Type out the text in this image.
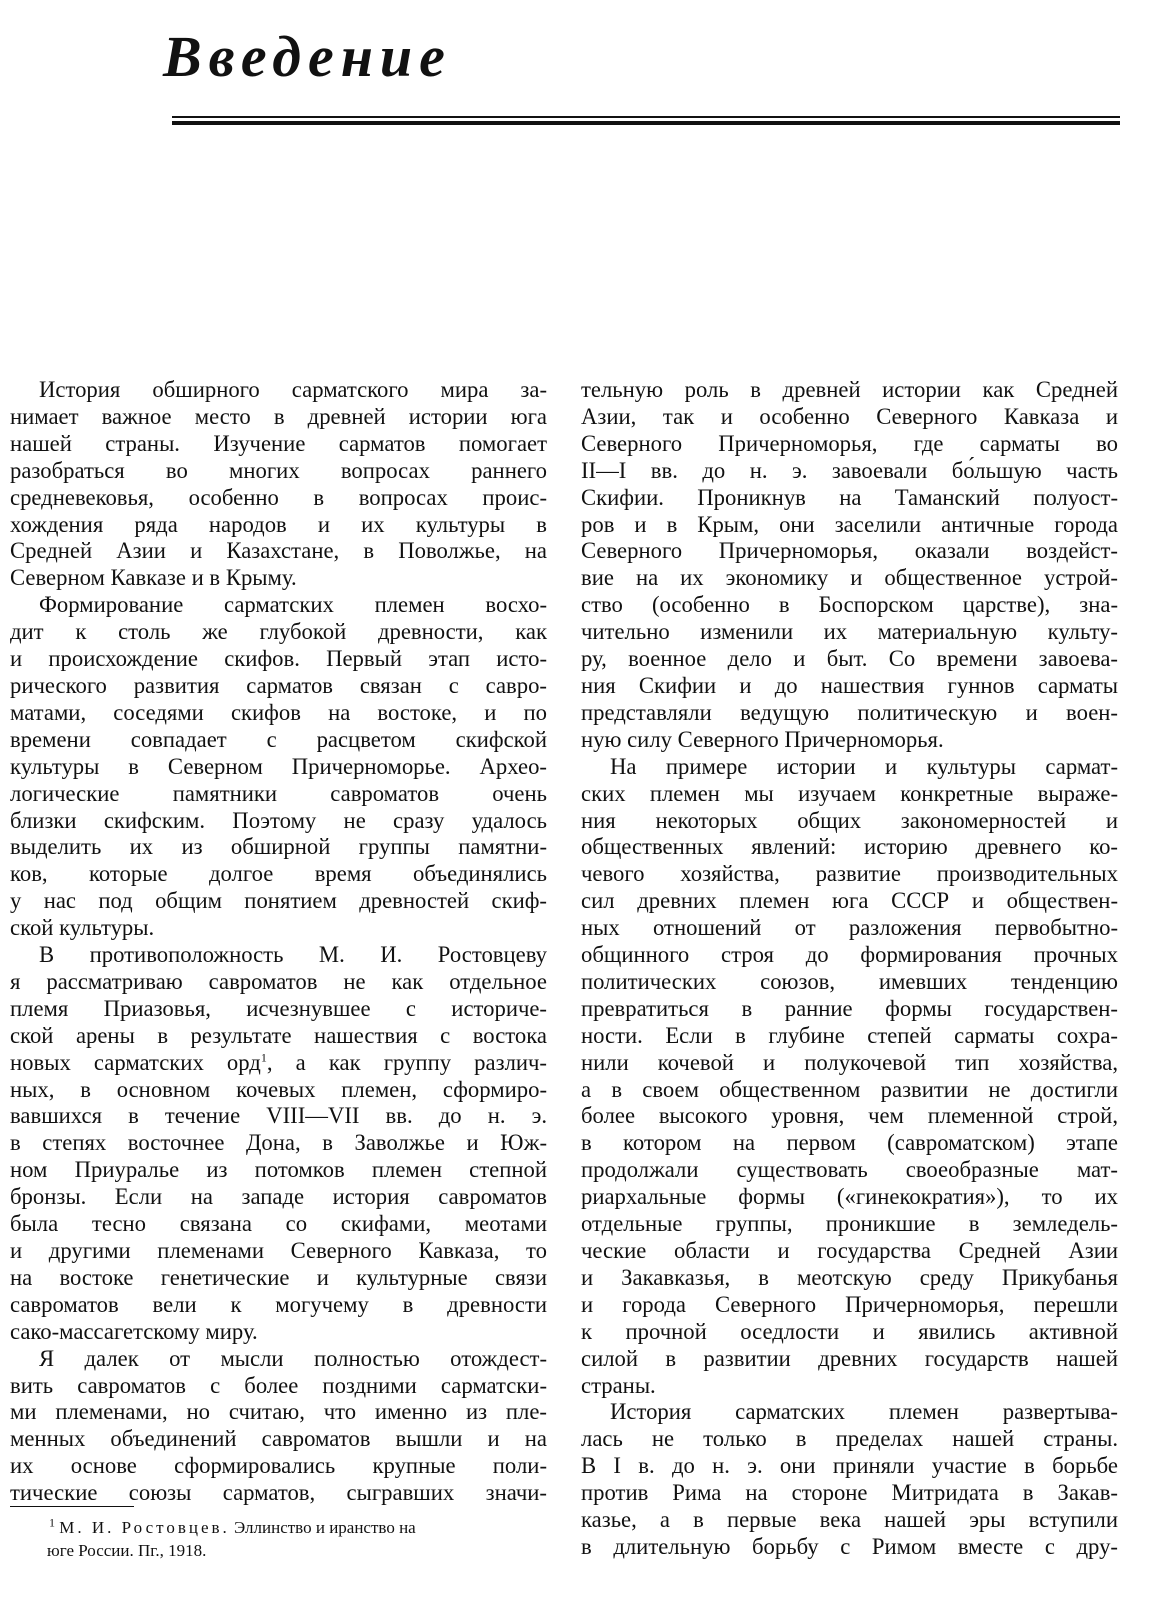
Введение
История обширного сарматского мира за-
нимает важное место в древней истории юга
нашей страны. Изучение сарматов помогает
разобраться во многих вопросах раннего
средневековья, особенно в вопросах проис-
хождения ряда народов и их культуры в
Средней Азии и Казахстане, в Поволжье, на
Северном Кавказе и в Крыму.
Формирование сарматских племен восхо-
дит к столь же глубокой древности, как
и происхождение скифов. Первый этап исто-
рического развития сарматов связан с савро-
матами, соседями скифов на востоке, и по
времени совпадает с расцветом скифской
культуры в Северном Причерноморье. Архео-
логические памятники савроматов очень
близки скифским. Поэтому не сразу удалось
выделить их из обширной группы памятни-
ков, которые долгое время объединялись
у нас под общим понятием древностей скиф-
ской культуры.
В противоположность М. И. Ростовцеву
я рассматриваю савроматов не как отдельное
племя Приазовья, исчезнувшее с историче-
ской арены в результате нашествия с востока
новых сарматских орд$^1$, а как группу различ-
ных, в основном кочевых племен, сформиро-
вавшихся в течение VIII—VII вв. до н. э.
в степях восточнее Дона, в Заволжье и Юж-
ном Приуралье из потомков племен степной
бронзы. Если на западе история савроматов
была тесно связана со скифами, меотами
и другими племенами Северного Кавказа, то
на востоке генетические и культурные связи
савроматов вели к могучему в древности
сако-массагетскому миру.
Я далек от мысли полностью отождест-
вить савроматов с более поздними сарматски-
ми племенами, но считаю, что именно из пле-
менных объединений савроматов вышли и на
их основе сформировались крупные поли-
тические союзы сарматов, сыгравших значи-
тельную роль в древней истории как Средней
Азии, так и особенно Северного Кавказа и
Северного Причерноморья, где сарматы во
II—I вв. до н. э. завоевали бо́льшую часть
Скифии. Проникнув на Таманский полуост-
ров и в Крым, они заселили античные города
Северного Причерноморья, оказали воздейст-
вие на их экономику и общественное устрой-
ство (особенно в Боспорском царстве), зна-
чительно изменили их материальную культу-
ру, военное дело и быт. Со времени завоева-
ния Скифии и до нашествия гуннов сарматы
представляли ведущую политическую и воен-
ную силу Северного Причерноморья.
На примере истории и культуры сармат-
ских племен мы изучаем конкретные выраже-
ния некоторых общих закономерностей и
общественных явлений: историю древнего ко-
чевого хозяйства, развитие производительных
сил древних племен юга СССР и обществен-
ных отношений от разложения первобытно-
общинного строя до формирования прочных
политических союзов, имевших тенденцию
превратиться в ранние формы государствен-
ности. Если в глубине степей сарматы сохра-
нили кочевой и полукочевой тип хозяйства,
а в своем общественном развитии не достигли
более высокого уровня, чем племенной строй,
в котором на первом (савроматском) этапе
продолжали существовать своеобразные мат-
риархальные формы («гинекократия»), то их
отдельные группы, проникшие в земледель-
ческие области и государства Средней Азии
и Закавказья, в меотскую среду Прикубанья
и города Северного Причерноморья, перешли
к прочной оседлости и явились активной
силой в развитии древних государств нашей
страны.
История сарматских племен развертыва-
лась не только в пределах нашей страны.
В I в. до н. э. они приняли участие в борьбе
против Рима на стороне Митридата в Закав-
казье, а в первые века нашей эры вступили
в длительную борьбу с Римом вместе с дру-
$^1$ М. И. Ростовцев. Эллинство и иранство на
юге России. Пг., 1918.
